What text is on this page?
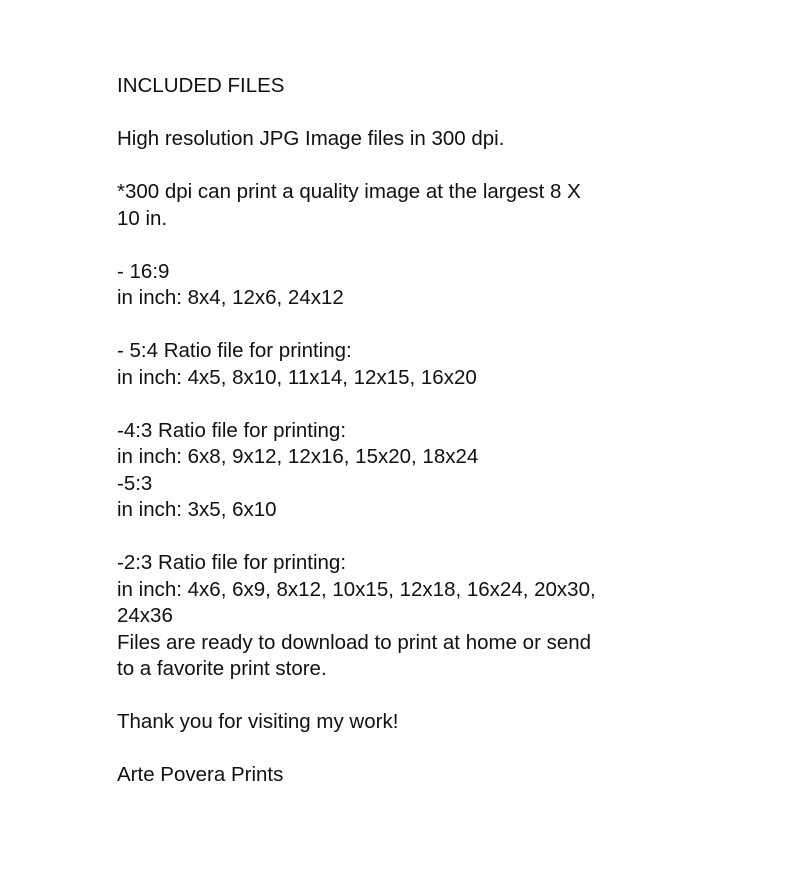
INCLUDED FILES
High resolution JPG Image files in 300 dpi.
*300 dpi can print a quality image at the largest 8 X
10 in.
- 16:9
in inch: 8x4, 12x6, 24x12
- 5:4 Ratio file for printing:
in inch: 4x5, 8x10, 11x14, 12x15, 16x20
-4:3 Ratio file for printing:
in inch: 6x8, 9x12, 12x16, 15x20, 18x24
-5:3
in inch: 3x5, 6x10
-2:3 Ratio file for printing:
in inch: 4x6, 6x9, 8x12, 10x15, 12x18, 16x24, 20x30,
24x36
Files are ready to download to print at home or send
to a favorite print store.
Thank you for visiting my work!
Arte Povera Prints
